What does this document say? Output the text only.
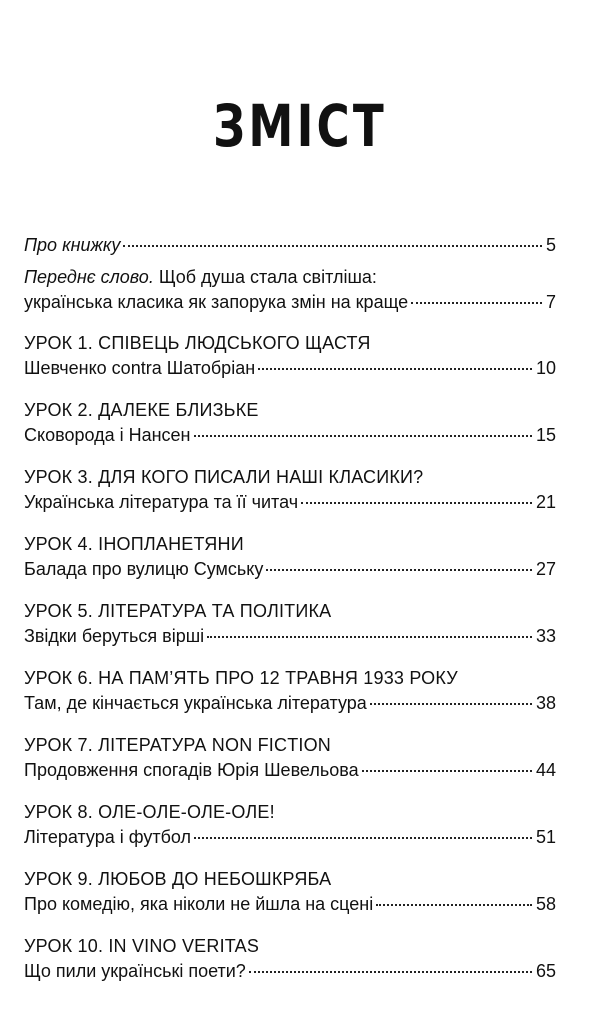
ЗМІСТ
Про книжку	5
Переднє слово. Щоб душа стала світліша:
українська класика як запорука змін на краще	7
УРОК 1. СПІВЕЦЬ ЛЮДСЬКОГО ЩАСТЯ
Шевченко contra Шатобріан	10
УРОК 2. ДАЛЕКЕ БЛИЗЬКЕ
Сковорода і Нансен	15
УРОК 3. ДЛЯ КОГО ПИСАЛИ НАШІ КЛАСИКИ?
Українська література та її читач	21
УРОК 4. ІНОПЛАНЕТЯНИ
Балада про вулицю Сумську	27
УРОК 5. ЛІТЕРАТУРА ТА ПОЛІТИКА
Звідки беруться вірші	33
УРОК 6. НА ПАМ’ЯТЬ ПРО 12 ТРАВНЯ 1933 РОКУ
Там, де кінчається українська література	38
УРОК 7. ЛІТЕРАТУРА NON FICTION
Продовження спогадів Юрія Шевельова	44
УРОК 8. ОЛЕ-ОЛЕ-ОЛЕ-ОЛЕ!
Література і футбол	51
УРОК 9. ЛЮБОВ ДО НЕБОШКРЯБА
Про комедію, яка ніколи не йшла на сцені	58
УРОК 10. IN VINO VERITAS
Що пили українські поети?	65
